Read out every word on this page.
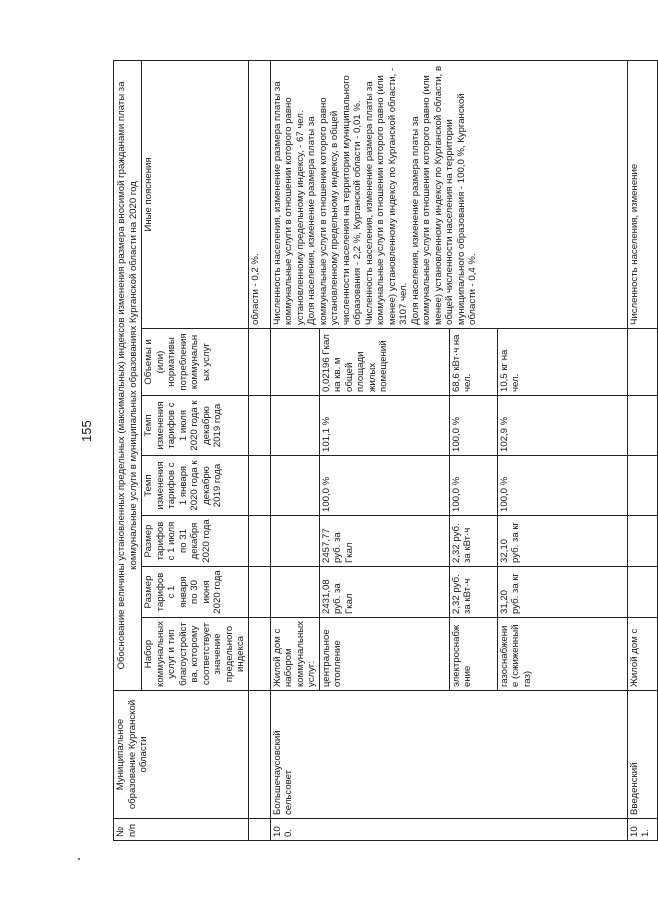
155
№ п/п	Муниципальное образование Курганской области	Обоснование величины установленных предельных (максимальных) индексов изменения размера вносимой гражданами платы за коммунальные услуги в муниципальных образованиях Курганской области на 2020 год						
		Набор коммунальных услуг и тип благоустройства, которому соответствует значение предельного индекса	Размер тарифов с 1 января по 30 июня 2020 года	Размер тарифов с 1 июля по 31 декабря 2020 года	Темп изменения тарифов с 1 января 2020 года к декабрю 2019 года	Темп изменения тарифов с 1 июля 2020 года к декабрю 2019 года	Объемы и (или) нормативы потребления коммунальных услуг	Иные пояснения
								области - 0,2 %.
100.	Большечаусовский сельсовет	Жилой дом с набором коммунальных услуг:						Численность населения, изменение размера платы за коммунальные услуги в отношении которого равно установленному предельному индексу, - 67 чел.
Доля населения, изменение размера платы за коммунальные услуги в отношении которого равно установленному предельному индексу, в общей численности населения на территории муниципального образования - 2,2 %, Курганской области - 0,01 %.
Численность населения, изменение размера платы за коммунальные услуги в отношении которого равно (или менее) установленному индексу по Курганской области, - 3107 чел.
Доля населения, изменение размера платы за коммунальные услуги в отношении которого равно (или менее) установленному индексу по Курганской области, в общей численности населения на территории муниципального образования - 100,0 %, Курганской области - 0,4 %.
		центральное отопление	2431,08 руб. за Гкал	2457,77 руб. за Гкал	100,0 %	101,1 %	0,02196 Гкал на кв. м общей площади жилых помещений	
		электроснабжение	2,32 руб. за кВт·ч	2,32 руб. за кВт·ч	100,0 %	100,0 %	68,6 кВт·ч на чел.	
		газоснабжение (сжиженный газ)	31,20 руб. за кг	32,10 руб. за кг	100,0 %	102,9 %	10,5 кг на чел.	
101.	Введенский	Жилой дом с						Численность населения, изменение
